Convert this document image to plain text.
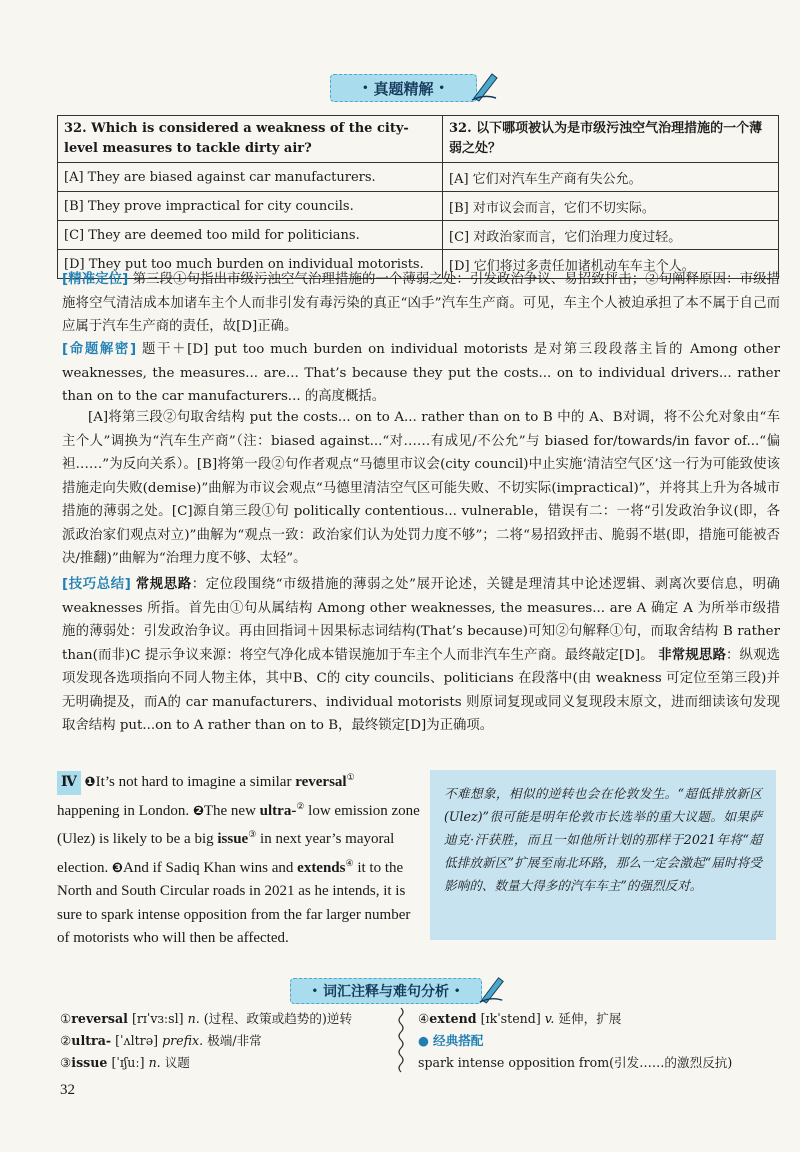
• 真题精解 •
32. Which is considered a weakness of the city-level measures to tackle dirty air?	32. 以下哪项被认为是市级污浊空气治理措施的一个薄弱之处？
[A] They are biased against car manufacturers.	[A] 它们对汽车生产商有失公允。
[B] They prove impractical for city councils.	[B] 对市议会而言，它们不切实际。
[C] They are deemed too mild for politicians.	[C] 对政治家而言，它们治理力度过轻。
[D] They put too much burden on individual motorists.	[D] 它们将过多责任加诸机动车车主个人。
[精准定位] 第三段①句指出市级污浊空气治理措施的一个薄弱之处：引发政治争议、易招致抨击；②句阐释原因：市级措施将空气清洁成本加诸车主个人而非引发有毒污染的真正“凶手”汽车生产商。可见，车主个人被迫承担了本不属于自己而应属于汽车生产商的责任，故[D]正确。
[命题解密] 题干＋[D] put too much burden on individual motorists 是对第三段段落主旨的 Among other weaknesses, the measures... are... That’s because they put the costs... on to individual drivers... rather than on to the car manufacturers... 的高度概括。
[A]将第三段②句取舍结构 put the costs... on to A... rather than on to B 中的 A、B对调，将不公允对象由“车主个人”调换为“汽车生产商”（注：biased against...“对……有成见/不公允”与 biased for/towards/in favor of...“偏袒……”为反向关系）。[B]将第一段②句作者观点“马德里市议会(city council)中止实施‘清洁空气区’这一行为可能致使该措施走向失败(demise)”曲解为市议会观点“马德里清洁空气区可能失败、不切实际(impractical)”，并将其上升为各城市措施的薄弱之处。[C]源自第三段①句 politically contentious... vulnerable，错误有二：一将“引发政治争议(即，各派政治家们观点对立)”曲解为“观点一致：政治家们认为处罚力度不够”；二将“易招致抨击、脆弱不堪(即，措施可能被否决/推翻)”曲解为“治理力度不够、太轻”。
[技巧总结] 常规思路：定位段围绕“市级措施的薄弱之处”展开论述，关键是理清其中论述逻辑、剥离次要信息，明确 weaknesses 所指。首先由①句从属结构 Among other weaknesses, the measures... are A 确定 A 为所举市级措施的薄弱处：引发政治争议。再由回指词＋因果标志词结构(That’s because)可知②句解释①句，而取舍结构 B rather than(而非)C 提示争议来源：将空气净化成本错误施加于车主个人而非汽车生产商。最终敲定[D]。 非常规思路：纵观选项发现各选项指向不同人物主体，其中B、C的 city councils、politicians 在段落中(由 weakness 可定位至第三段)并无明确提及，而A的 car manufacturers、individual motorists 则原词复现或同义复现段末原文，进而细读该句发现取舍结构 put...on to A rather than on to B，最终锁定[D]为正确项。
Ⅳ ❶It’s not hard to imagine a similar reversal① happening in London. ❷The new ultra-② low emission zone (Ulez) is likely to be a big issue③ in next year’s mayoral election. ❸And if Sadiq Khan wins and extends④ it to the North and South Circular roads in 2021 as he intends, it is sure to spark intense opposition from the far larger number of motorists who will then be affected.
不难想象，相似的逆转也会在伦敦发生。“超低排放新区(Ulez)”很可能是明年伦敦市长选举的重大议题。如果萨迪克·汗获胜，而且一如他所计划的那样于2021年将“超低排放新区”扩展至南北环路，那么一定会激起“届时将受影响的、数量大得多的汽车车主”的强烈反对。
• 词汇注释与难句分析 •
①reversal [rɪˈvɜːsl] n. (过程、政策或趋势的)逆转
②ultra- [ˈʌltrə] prefix. 极端/非常
③issue [ˈɪʃuː] n. 议题
④extend [ɪkˈstend] v. 延伸，扩展
● 经典搭配
spark intense opposition from(引发……的激烈反抗)
32
